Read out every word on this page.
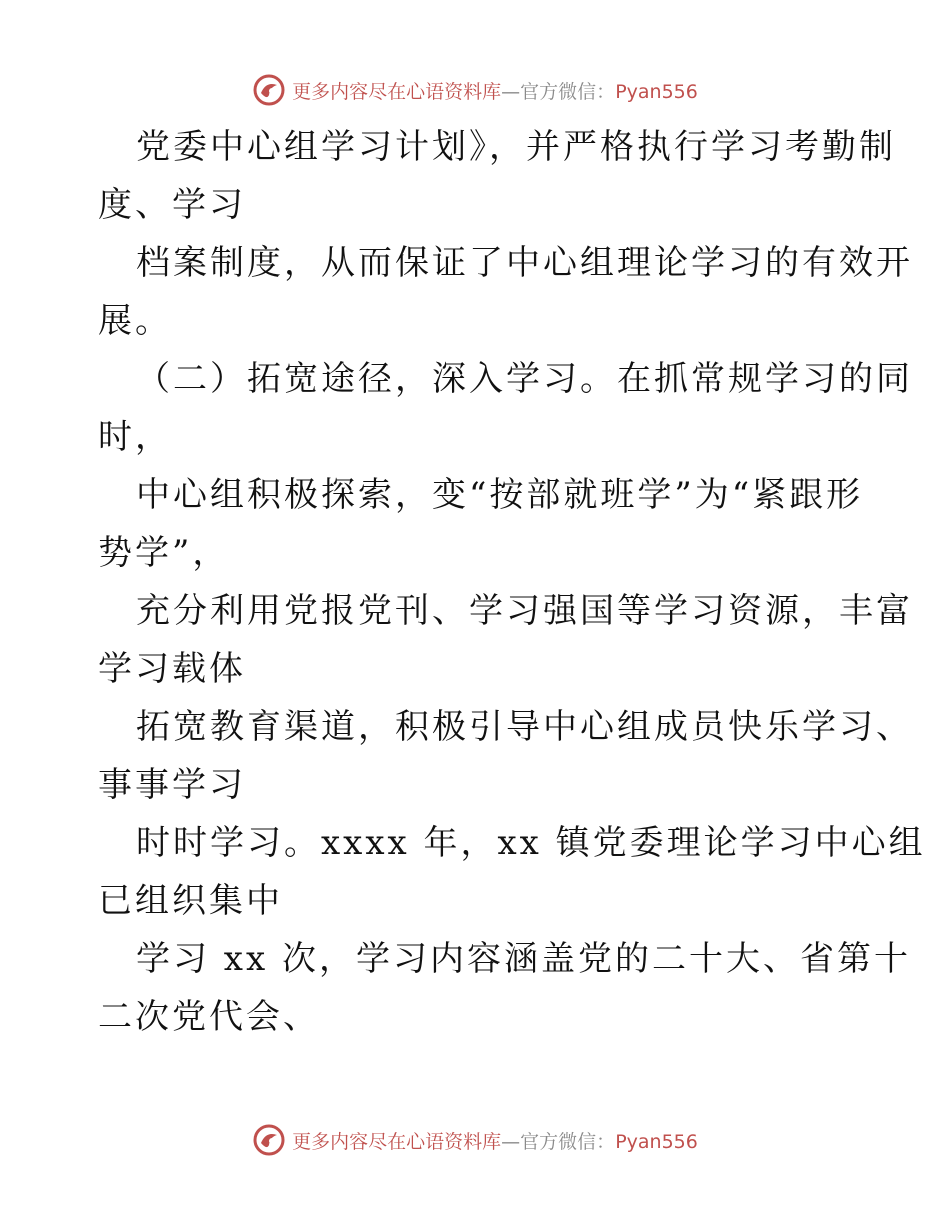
更多内容尽在心语资料库—官方微信：Pyan556
党委中心组学习计划》，并严格执行学习考勤制
度、学习
档案制度，从而保证了中心组理论学习的有效开
展。
（二）拓宽途径，深入学习。在抓常规学习的同
时，
中心组积极探索，变“按部就班学”为“紧跟形
势学”，
充分利用党报党刊、学习强国等学习资源，丰富
学习载体
拓宽教育渠道，积极引导中心组成员快乐学习、
事事学习
时时学习。xxxx 年，xx 镇党委理论学习中心组
已组织集中
学习 xx 次，学习内容涵盖党的二十大、省第十
二次党代会、
更多内容尽在心语资料库—官方微信：Pyan556
